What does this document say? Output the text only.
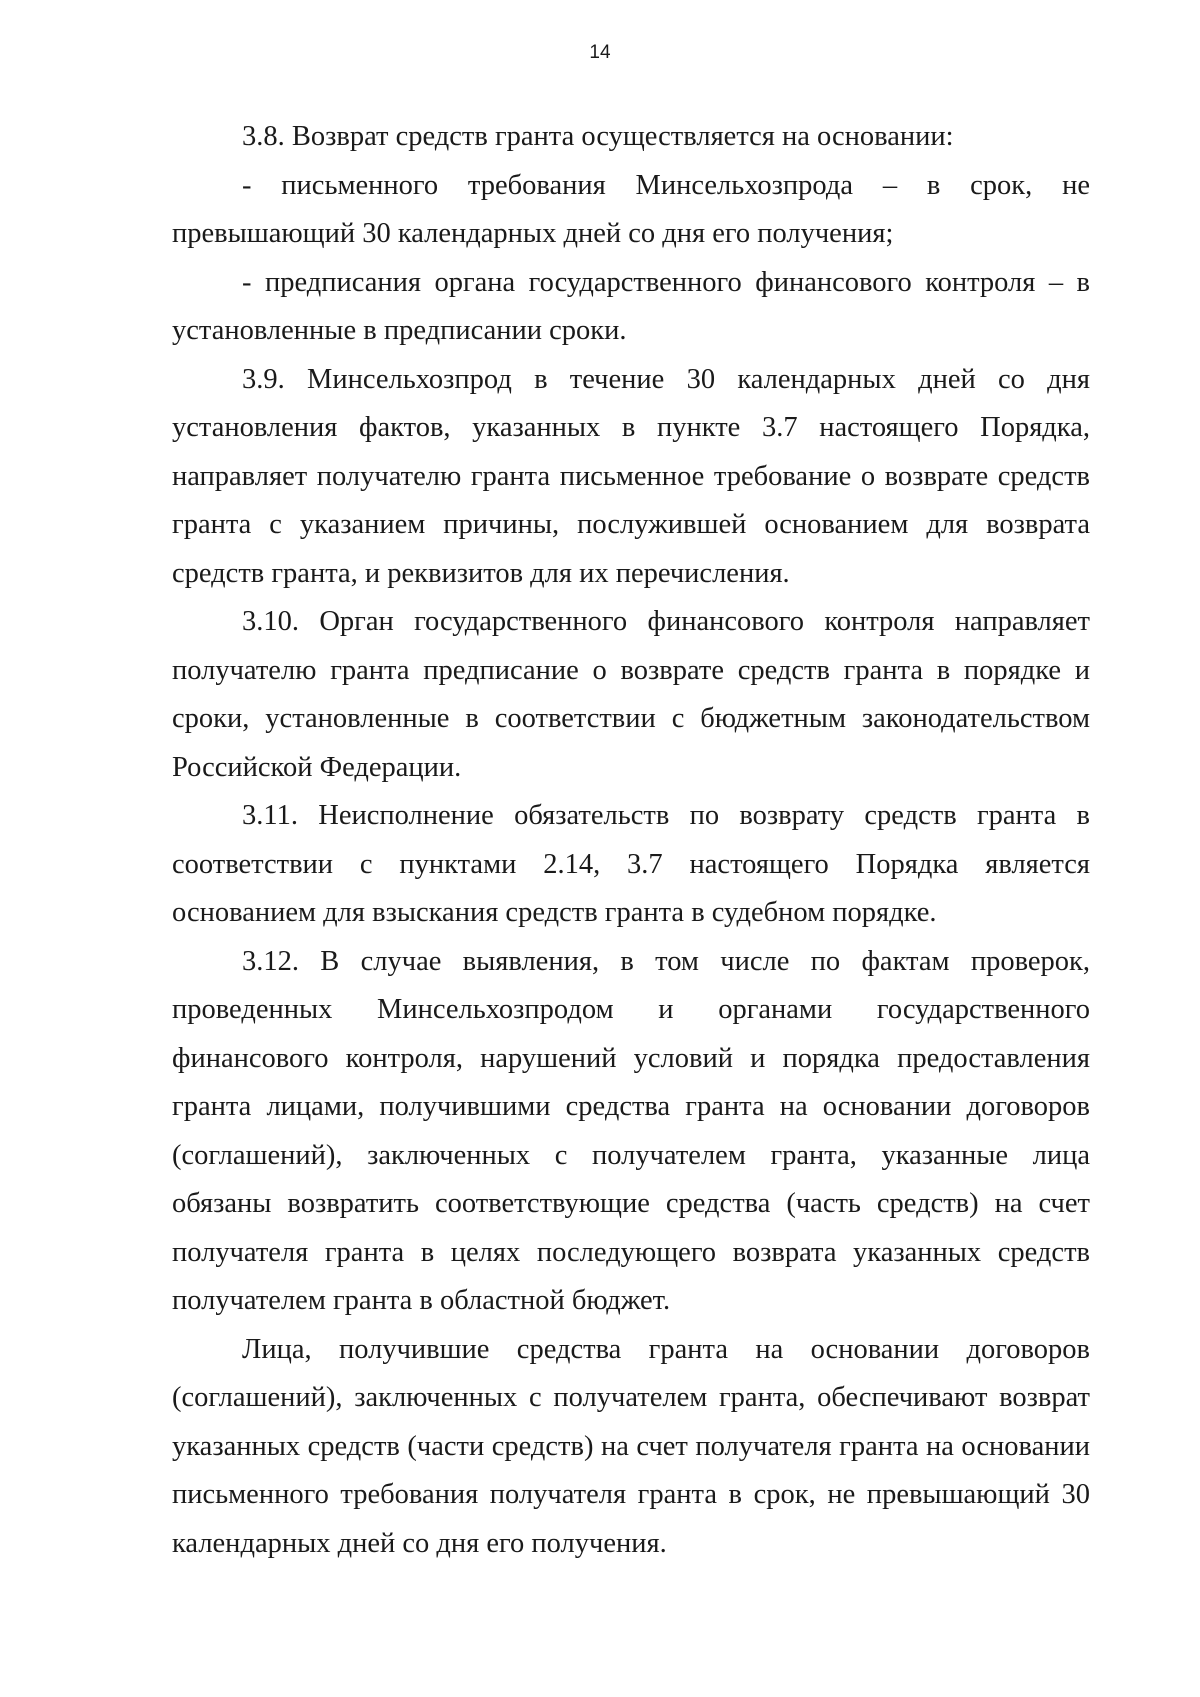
14

3.8. Возврат средств гранта осуществляется на основании:

- письменного требования Минсельхозпрода – в срок, не превышающий 30 календарных дней со дня его получения;

- предписания органа государственного финансового контроля – в установленные в предписании сроки.

3.9. Минсельхозпрод в течение 30 календарных дней со дня установления фактов, указанных в пункте 3.7 настоящего Порядка, направляет получателю гранта письменное требование о возврате средств гранта с указанием причины, послужившей основанием для возврата средств гранта, и реквизитов для их перечисления.

3.10. Орган государственного финансового контроля направляет получателю гранта предписание о возврате средств гранта в порядке и сроки, установленные в соответствии с бюджетным законодательством Российской Федерации.

3.11. Неисполнение обязательств по возврату средств гранта в соответствии с пунктами 2.14, 3.7 настоящего Порядка является основанием для взыскания средств гранта в судебном порядке.

3.12. В случае выявления, в том числе по фактам проверок, проведенных Минсельхозпродом и органами государственного финансового контроля, нарушений условий и порядка предоставления гранта лицами, получившими средства гранта на основании договоров (соглашений), заключенных с получателем гранта, указанные лица обязаны возвратить соответствующие средства (часть средств) на счет получателя гранта в целях последующего возврата указанных средств получателем гранта в областной бюджет.

Лица, получившие средства гранта на основании договоров (соглашений), заключенных с получателем гранта, обеспечивают возврат указанных средств (части средств) на счет получателя гранта на основании письменного требования получателя гранта в срок, не превышающий 30 календарных дней со дня его получения.
